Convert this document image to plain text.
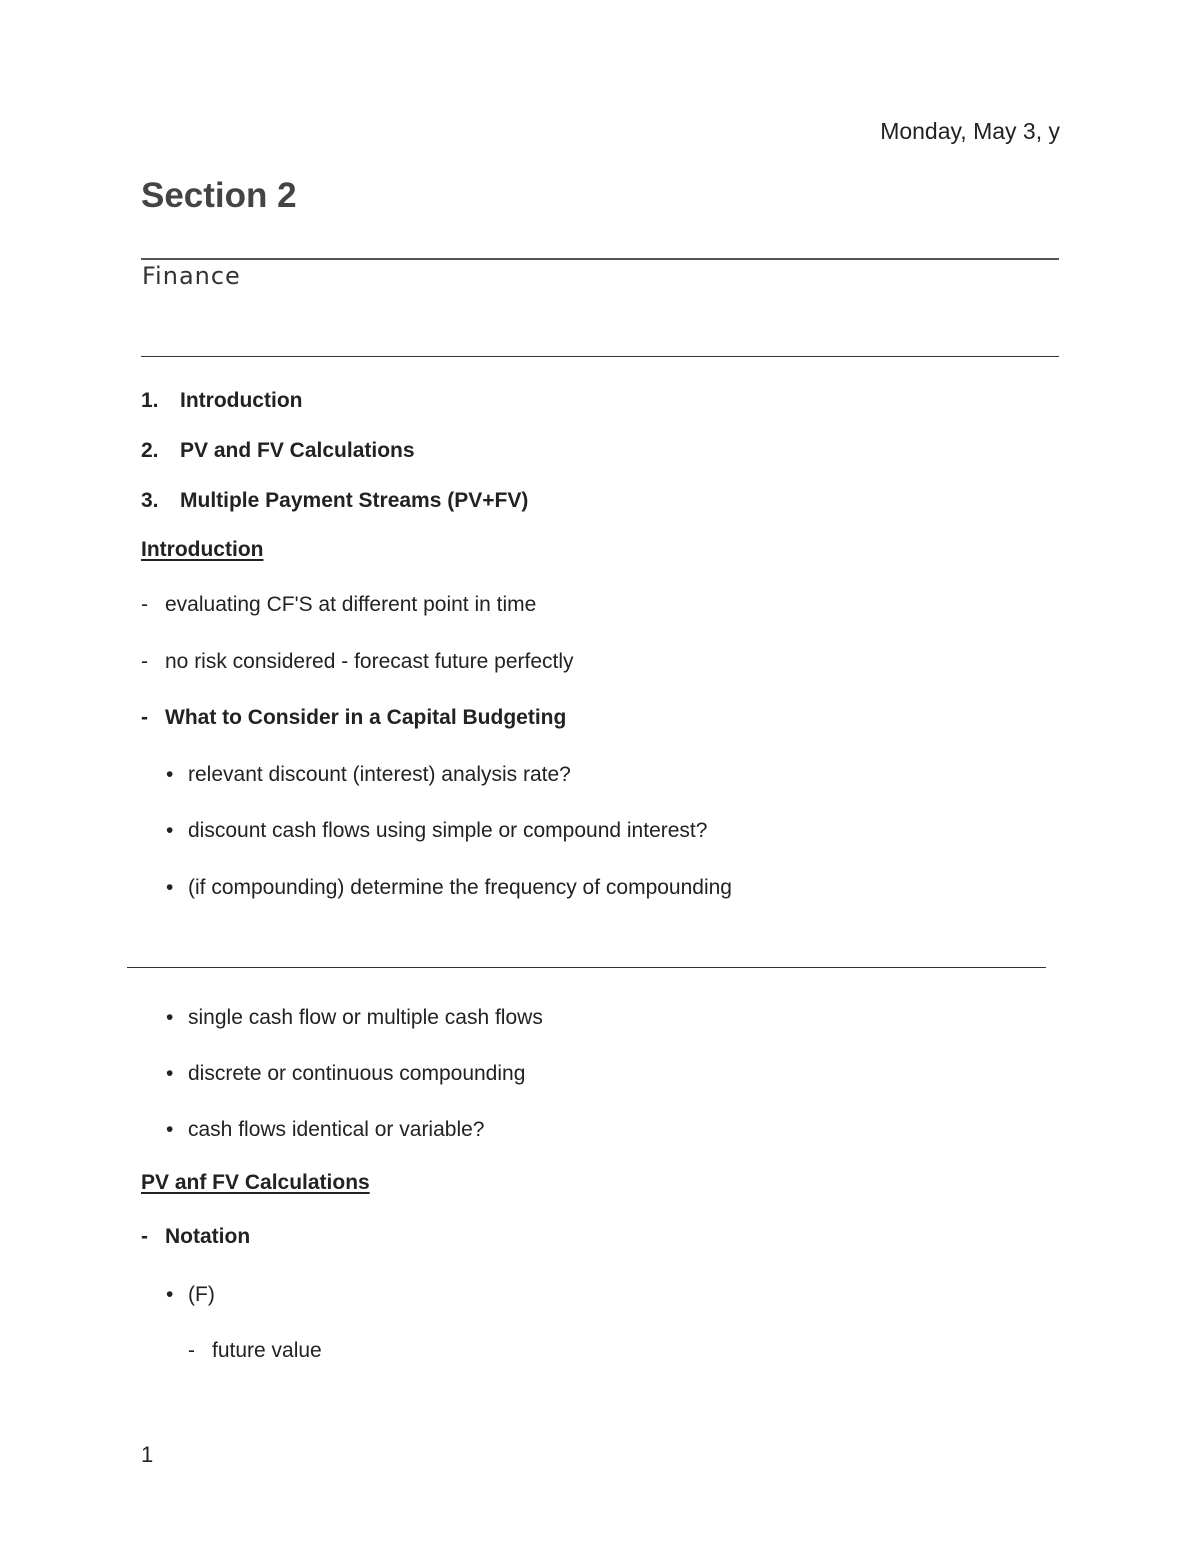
Monday, May 3, y
Section 2
Finance
1. Introduction
2. PV and FV Calculations
3. Multiple Payment Streams (PV+FV)
Introduction
- evaluating CF'S at different point in time
- no risk considered - forecast future perfectly
- What to Consider in a Capital Budgeting
• relevant discount (interest) analysis rate?
• discount cash flows using simple or compound interest?
• (if compounding) determine the frequency of compounding
• single cash flow or multiple cash flows
• discrete or continuous compounding
• cash flows identical or variable?
PV anf FV Calculations
- Notation
• (F)
- future value
1
